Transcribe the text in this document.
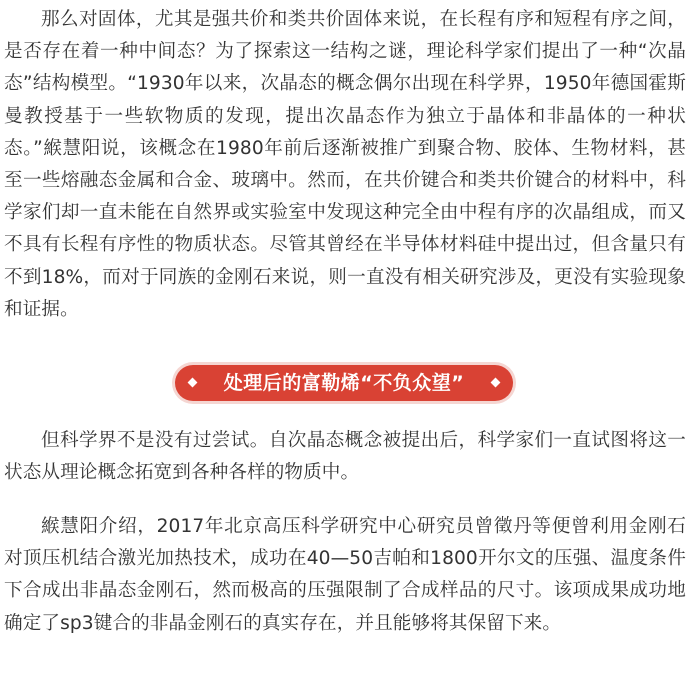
那么对固体，尤其是强共价和类共价固体来说，在长程有序和短程有序之间，是否存在着一种中间态？为了探索这一结构之谜，理论科学家们提出了一种“次晶态”结构模型。“1930年以来，次晶态的概念偶尔出现在科学界，1950年德国霍斯曼教授基于一些软物质的发现，提出次晶态作为独立于晶体和非晶体的一种状态。”緱慧阳说，该概念在1980年前后逐渐被推广到聚合物、胶体、生物材料，甚至一些熔融态金属和合金、玻璃中。然而，在共价键合和类共价键合的材料中，科学家们却一直未能在自然界或实验室中发现这种完全由中程有序的次晶组成，而又不具有长程有序性的物质状态。尽管其曾经在半导体材料硅中提出过，但含量只有不到18%，而对于同族的金刚石来说，则一直没有相关研究涉及，更没有实验现象和证据。

处理后的富勒烯“不负众望”

但科学界不是没有过尝试。自次晶态概念被提出后，科学家们一直试图将这一状态从理论概念拓宽到各种各样的物质中。

緱慧阳介绍，2017年北京高压科学研究中心研究员曾徵丹等便曾利用金刚石对顶压机结合激光加热技术，成功在40—50吉帕和1800开尔文的压强、温度条件下合成出非晶态金刚石，然而极高的压强限制了合成样品的尺寸。该项成果成功地确定了sp3键合的非晶金刚石的真实存在，并且能够将其保留下来。
